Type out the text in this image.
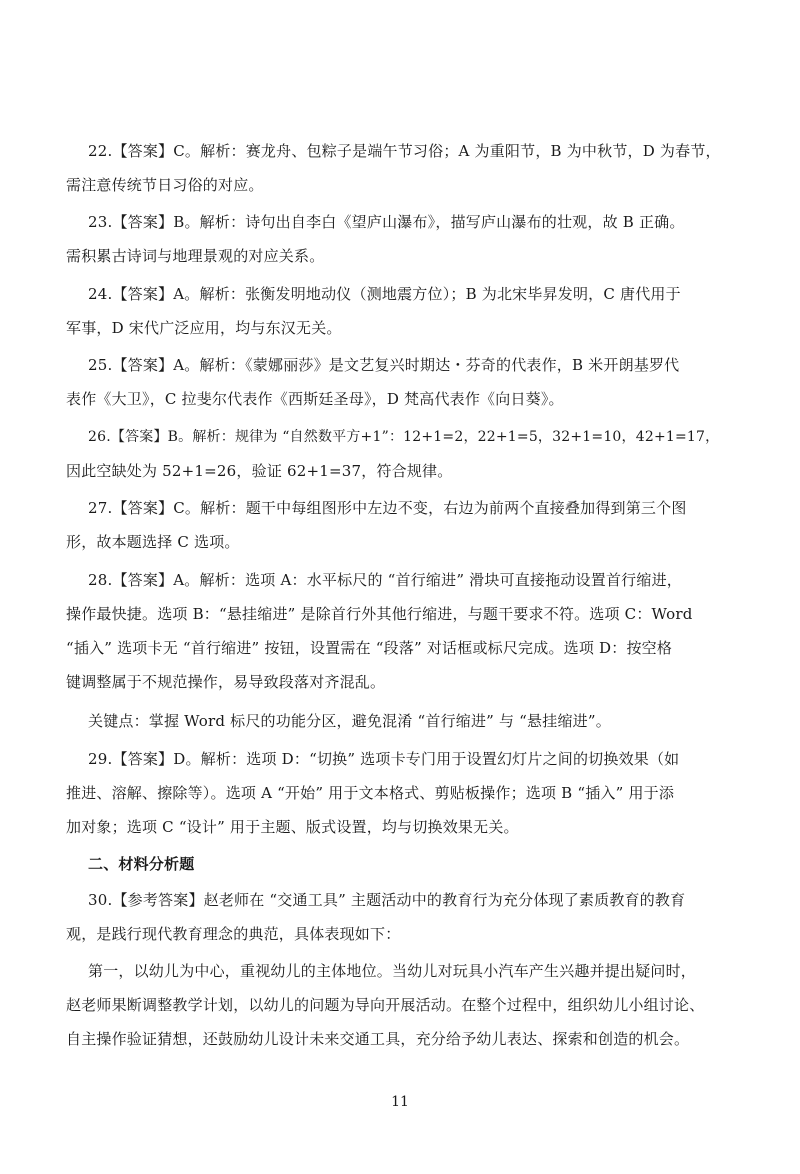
22.【答案】C。解析：赛龙舟、包粽子是端午节习俗；A 为重阳节，B 为中秋节，D 为春节，
需注意传统节日习俗的对应。
23.【答案】B。解析：诗句出自李白《望庐山瀑布》，描写庐山瀑布的壮观，故 B 正确。
需积累古诗词与地理景观的对应关系。
24.【答案】A。解析：张衡发明地动仪（测地震方位）；B 为北宋毕昇发明，C 唐代用于
军事，D 宋代广泛应用，均与东汉无关。
25.【答案】A。解析：《蒙娜丽莎》是文艺复兴时期达・芬奇的代表作，B 米开朗基罗代
表作《大卫》，C 拉斐尔代表作《西斯廷圣母》，D 梵高代表作《向日葵》。
26.【答案】B。解析：规律为 “自然数平方+1”：12+1=2，22+1=5，32+1=10，42+1=17，
因此空缺处为 52+1=26，验证 62+1=37，符合规律。
27.【答案】C。解析：题干中每组图形中左边不变，右边为前两个直接叠加得到第三个图
形，故本题选择 C 选项。
28.【答案】A。解析：选项 A：水平标尺的 “首行缩进” 滑块可直接拖动设置首行缩进，
操作最快捷。选项 B：“悬挂缩进” 是除首行外其他行缩进，与题干要求不符。选项 C：Word
“插入” 选项卡无 “首行缩进” 按钮，设置需在 “段落” 对话框或标尺完成。选项 D：按空格
键调整属于不规范操作，易导致段落对齐混乱。
关键点：掌握 Word 标尺的功能分区，避免混淆 “首行缩进” 与 “悬挂缩进”。
29.【答案】D。解析：选项 D：“切换” 选项卡专门用于设置幻灯片之间的切换效果（如
推进、溶解、擦除等）。选项 A “开始” 用于文本格式、剪贴板操作；选项 B “插入” 用于添
加对象；选项 C “设计” 用于主题、版式设置，均与切换效果无关。
二、材料分析题
30.【参考答案】赵老师在 “交通工具” 主题活动中的教育行为充分体现了素质教育的教育
观，是践行现代教育理念的典范，具体表现如下：
第一，以幼儿为中心，重视幼儿的主体地位。当幼儿对玩具小汽车产生兴趣并提出疑问时，
赵老师果断调整教学计划，以幼儿的问题为导向开展活动。在整个过程中，组织幼儿小组讨论、
自主操作验证猜想，还鼓励幼儿设计未来交通工具，充分给予幼儿表达、探索和创造的机会。
11
